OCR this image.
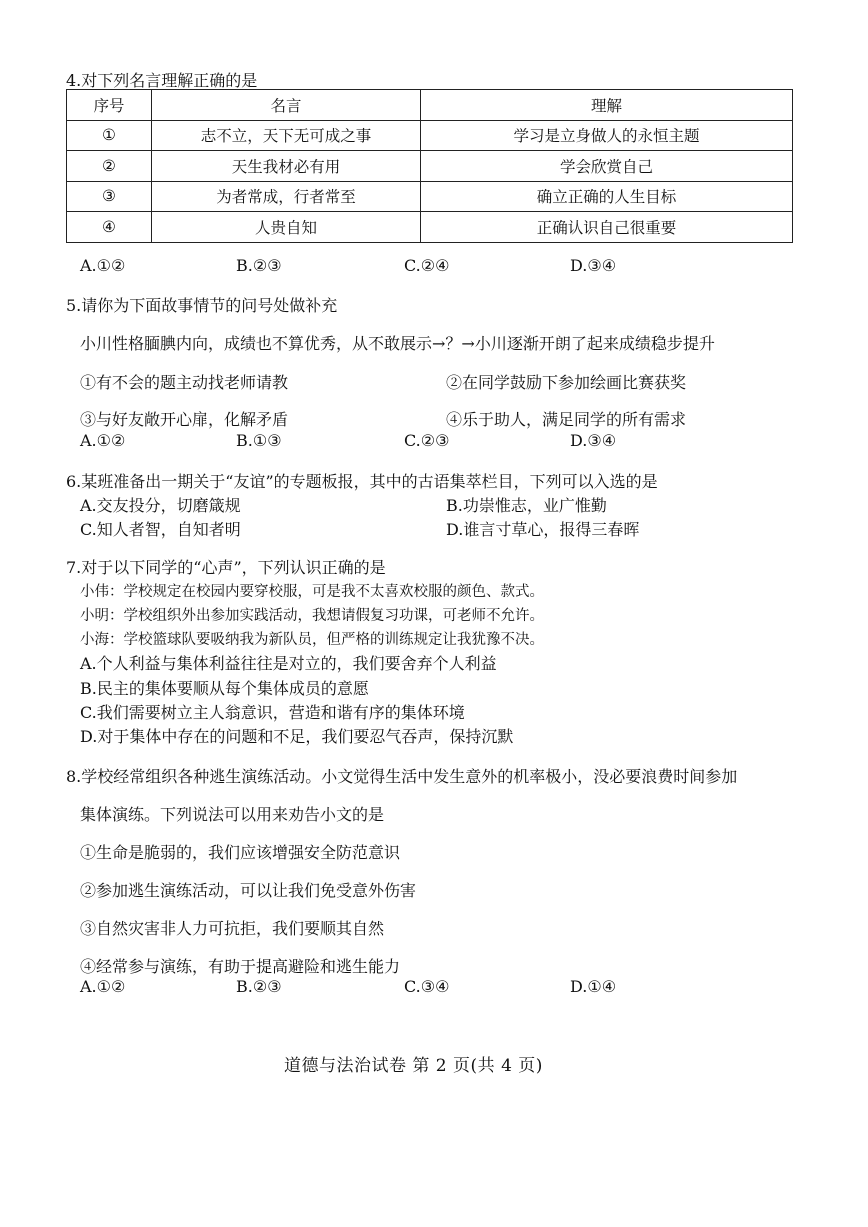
4.对下列名言理解正确的是
序号	名言	理解
①	志不立，天下无可成之事	学习是立身做人的永恒主题
②	天生我材必有用	学会欣赏自己
③	为者常成，行者常至	确立正确的人生目标
④	人贵自知	正确认识自己很重要
A.①②	B.②③	C.②④	D.③④
5.请你为下面故事情节的问号处做补充
小川性格腼腆内向，成绩也不算优秀，从不敢展示→？→小川逐渐开朗了起来成绩稳步提升
①有不会的题主动找老师请教	②在同学鼓励下参加绘画比赛获奖
③与好友敞开心扉，化解矛盾	④乐于助人，满足同学的所有需求
A.①②	B.①③	C.②③	D.③④
6.某班准备出一期关于“友谊”的专题板报，其中的古语集萃栏目，下列可以入选的是
A.交友投分，切磨箴规	B.功崇惟志，业广惟勤
C.知人者智，自知者明	D.谁言寸草心，报得三春晖
7.对于以下同学的“心声”，下列认识正确的是
小伟：学校规定在校园内要穿校服，可是我不太喜欢校服的颜色、款式。
小明：学校组织外出参加实践活动，我想请假复习功课，可老师不允许。
小海：学校篮球队要吸纳我为新队员，但严格的训练规定让我犹豫不决。
A.个人利益与集体利益往往是对立的，我们要舍弃个人利益
B.民主的集体要顺从每个集体成员的意愿
C.我们需要树立主人翁意识，营造和谐有序的集体环境
D.对于集体中存在的问题和不足，我们要忍气吞声，保持沉默
8.学校经常组织各种逃生演练活动。小文觉得生活中发生意外的机率极小，没必要浪费时间参加
集体演练。下列说法可以用来劝告小文的是
①生命是脆弱的，我们应该增强安全防范意识
②参加逃生演练活动，可以让我们免受意外伤害
③自然灾害非人力可抗拒，我们要顺其自然
④经常参与演练，有助于提高避险和逃生能力
A.①②	B.②③	C.③④	D.①④
道德与法治试卷 第 2 页(共 4 页)
